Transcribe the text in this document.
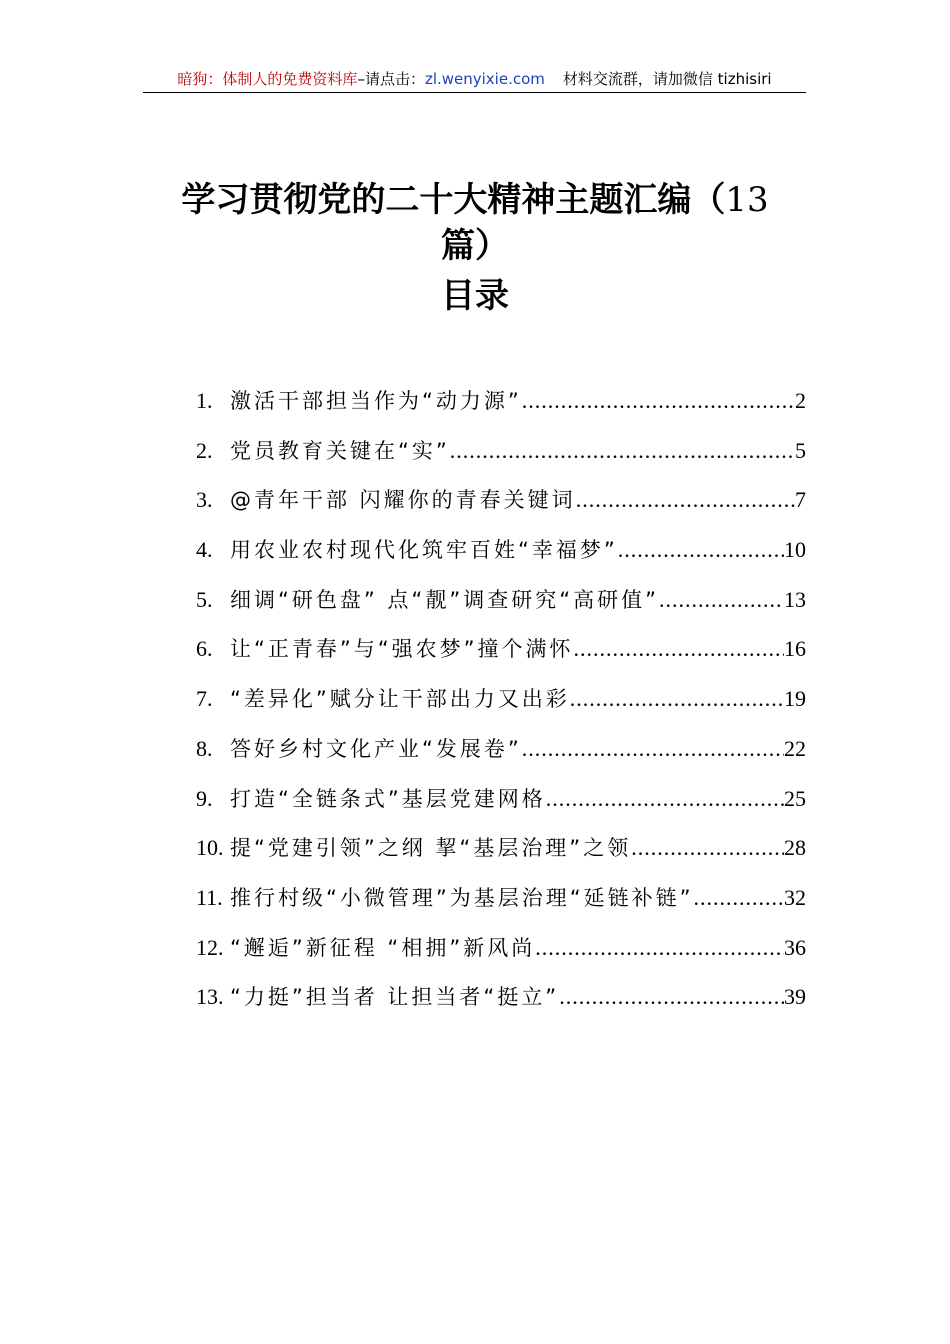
暗狗：体制人的免费资料库–请点击：zl.wenyixie.com 材料交流群，请加微信 tizhisiri
学习贯彻党的二十大精神主题汇编（13
篇）
目录
1. 激活干部担当作为“动力源” .....	2
2. 党员教育关键在“实” .....	5
3. @青年干部 闪耀你的青春关键词 .....	7
4. 用农业农村现代化筑牢百姓“幸福梦” .....	10
5. 细调“研色盘” 点“靓”调查研究“高研值” .....	13
6. 让“正青春”与“强农梦”撞个满怀 .....	16
7. “差异化”赋分让干部出力又出彩 .....	19
8. 答好乡村文化产业“发展卷” .....	22
9. 打造“全链条式”基层党建网格 .....	25
10. 提“党建引领”之纲 挈“基层治理”之领 .....	28
11. 推行村级“小微管理”为基层治理“延链补链” .....	32
12. “邂逅”新征程 “相拥”新风尚 .....	36
13. “力挺”担当者 让担当者“挺立” .....	39
